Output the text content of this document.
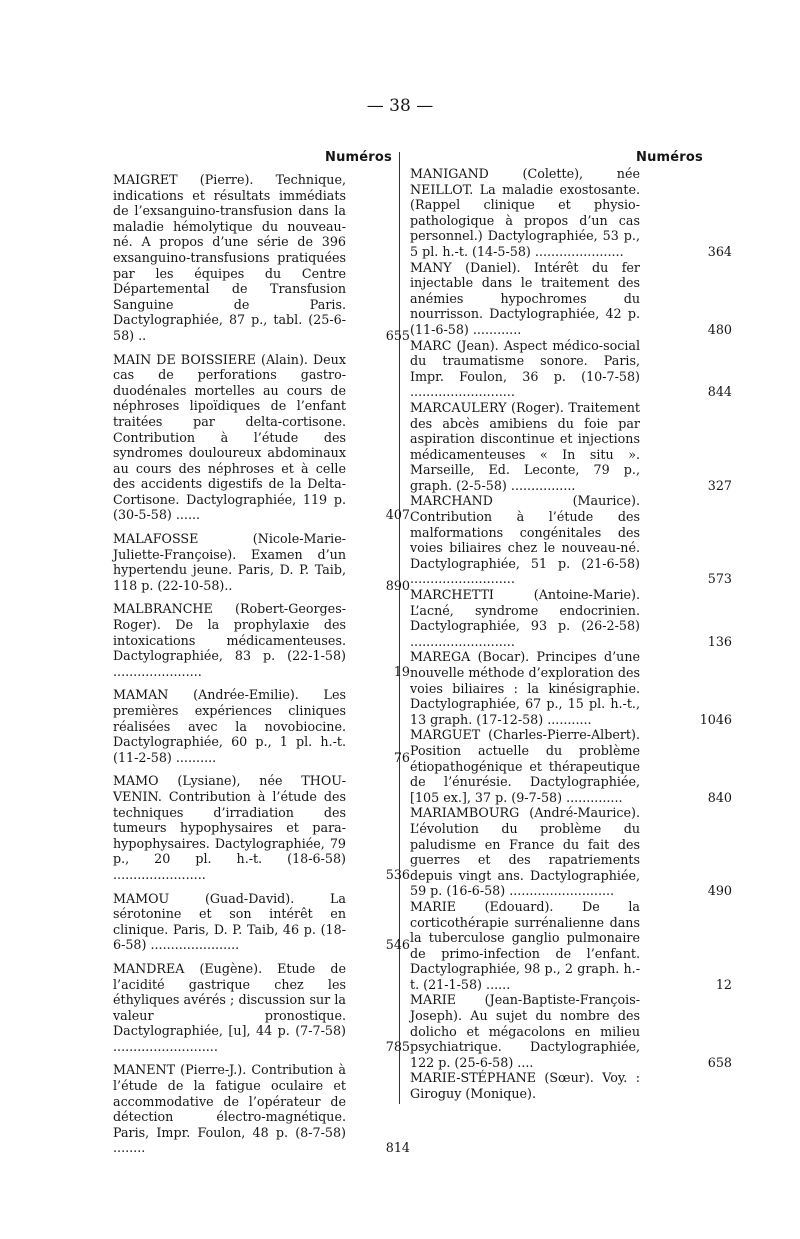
— 38 —
Numéros	Numéros
MAIGRET (Pierre). Technique, indications et résultats immédiats de l’exsanguino-transfusion dans la maladie hémolytique du nouveau-né. A propos d’une série de 396 exsanguino-transfusions pratiquées par les équipes du Centre Départemental de Transfusion Sanguine de Paris. Dactylographiée, 87 p., tabl. (25-6-58) ..	655
MAIN DE BOISSIERE (Alain). Deux cas de perforations gastro-duodénales mortelles au cours de néphroses lipoïdiques de l’enfant traitées par delta-cortisone. Contribution à l’étude des syndromes douloureux abdominaux au cours des néphroses et à celle des accidents digestifs de la Delta-Cortisone. Dactylographiée, 119 p. (30-5-58) ......	407
MALAFOSSE (Nicole-Marie-Juliette-Françoise). Examen d’un hypertendu jeune. Paris, D. P. Taib, 118 p. (22-10-58)..	890
MALBRANCHE (Robert-Georges-Roger). De la prophylaxie des intoxications médicamenteuses. Dactylographiée, 83 p. (22-1-58) ......................	19
MAMAN (Andrée-Emilie). Les premières expériences cliniques réalisées avec la novobiocine. Dactylographiée, 60 p., 1 pl. h.-t. (11-2-58) ..........	76
MAMO (Lysiane), née THOU-VENIN. Contribution à l’étude des techniques d’irradiation des tumeurs hypophysaires et para-hypophysaires. Dactylographiée, 79 p., 20 pl. h.-t. (18-6-58) .......................	536
MAMOU (Guad-David). La sérotonine et son intérêt en clinique. Paris, D. P. Taib, 46 p. (18-6-58) ......................	546
MANDREA (Eugène). Etude de l’acidité gastrique chez les éthyliques avérés ; discussion sur la valeur pronostique. Dactylographiée, [u], 44 p. (7-7-58) ..........................	785
MANENT (Pierre-J.). Contribution à l’étude de la fatigue oculaire et accommodative de l’opérateur de détection électro-magnétique. Paris, Impr. Foulon, 48 p. (8-7-58) ........	814
MANIGAND (Colette), née NEILLOT. La maladie exostosante. (Rappel clinique et physio-pathologique à propos d’un cas personnel.) Dactylographiée, 53 p., 5 pl. h.-t. (14-5-58) ......................	364
MANY (Daniel). Intérêt du fer injectable dans le traitement des anémies hypochromes du nourrisson. Dactylographiée, 42 p. (11-6-58) ............	480
MARC (Jean). Aspect médico-social du traumatisme sonore. Paris, Impr. Foulon, 36 p. (10-7-58) ..........................	844
MARCAULERY (Roger). Traitement des abcès amibiens du foie par aspiration discontinue et injections médicamenteuses « In situ ». Marseille, Ed. Leconte, 79 p., graph. (2-5-58) ................	327
MARCHAND (Maurice). Contribution à l’étude des malformations congénitales des voies biliaires chez le nouveau-né. Dactylographiée, 51 p. (21-6-58) ..........................	573
MARCHETTI (Antoine-Marie). L’acné, syndrome endocrinien. Dactylographiée, 93 p. (26-2-58) ..........................	136
MAREGA (Bocar). Principes d’une nouvelle méthode d’exploration des voies biliaires : la kinésigraphie. Dactylographiée, 67 p., 15 pl. h.-t., 13 graph. (17-12-58) ...........	1046
MARGUET (Charles-Pierre-Albert). Position actuelle du problème étiopathogénique et thérapeutique de l’énurésie. Dactylographiée, [105 ex.], 37 p. (9-7-58) ..............	840
MARIAMBOURG (André-Maurice). L’évolution du problème du paludisme en France du fait des guerres et des rapatriements depuis vingt ans. Dactylographiée, 59 p. (16-6-58) ..........................	490
MARIE (Edouard). De la corticothérapie surrénalienne dans la tuberculose ganglio pulmonaire de primo-infection de l’enfant. Dactylographiée, 98 p., 2 graph. h.-t. (21-1-58) ......	12
MARIE (Jean-Baptiste-François-Joseph). Au sujet du nombre des dolicho et mégacolons en milieu psychiatrique. Dactylographiée, 122 p. (25-6-58) ....	658
MARIE-STÉPHANE (Sœur). Voy. : Giroguy (Monique).
